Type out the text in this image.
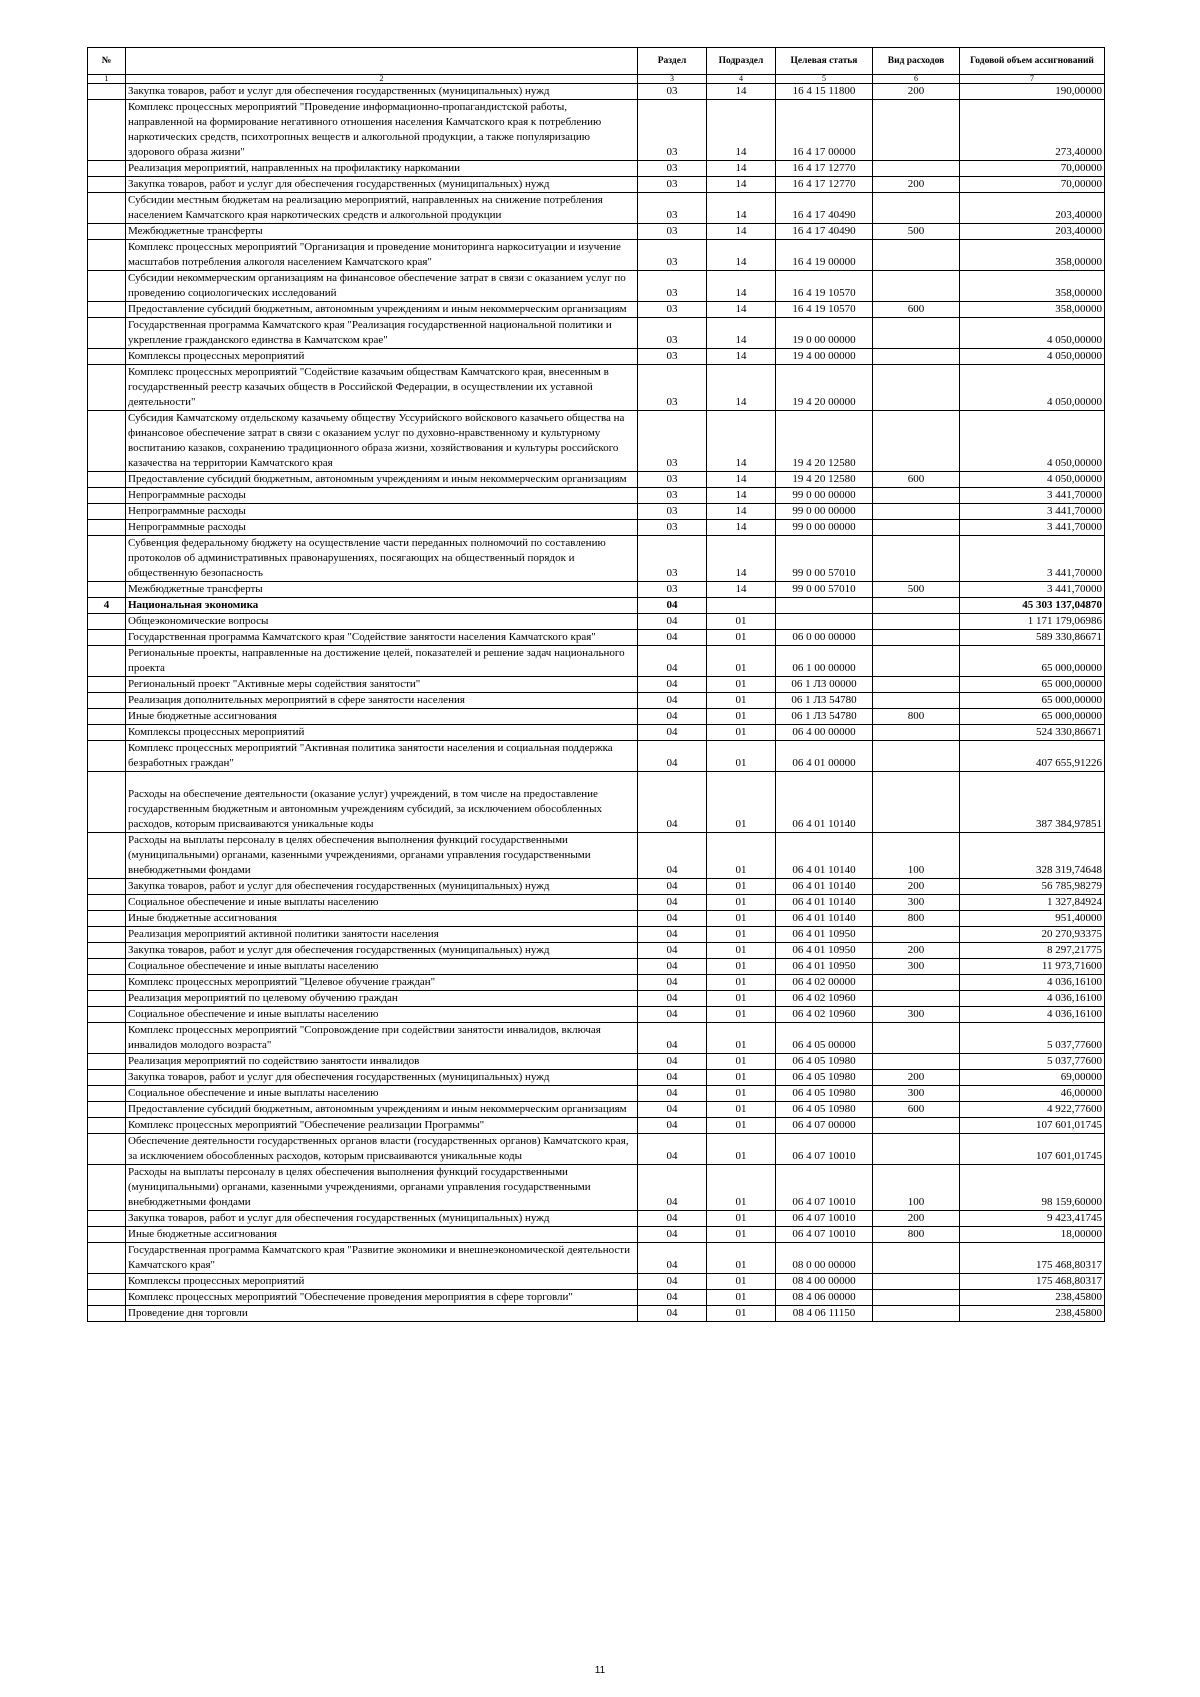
№		Раздел	Подраздел	Целевая статья	Вид расходов	Годовой объем ассигнований
1	2	3	4	5	6	7
	Закупка товаров, работ и услуг для обеспечения государственных (муниципальных) нужд	03	14	16 4 15 11800	200	190,00000
	Комплекс процессных мероприятий "Проведение информационно-пропагандистской работы, направленной на формирование негативного отношения населения Камчатского края к потреблению наркотических средств, психотропных веществ и алкогольной продукции, а также популяризацию здорового образа жизни"	03	14	16 4 17 00000		273,40000
	Реализация мероприятий, направленных на профилактику наркомании	03	14	16 4 17 12770		70,00000
	Закупка товаров, работ и услуг для обеспечения государственных (муниципальных) нужд	03	14	16 4 17 12770	200	70,00000
	Субсидии местным бюджетам на реализацию мероприятий, направленных на снижение потребления населением Камчатского края наркотических средств и алкогольной продукции	03	14	16 4 17 40490		203,40000
	Межбюджетные трансферты	03	14	16 4 17 40490	500	203,40000
	Комплекс процессных мероприятий "Организация и проведение мониторинга наркоситуации и изучение масштабов потребления алкоголя населением Камчатского края"	03	14	16 4 19 00000		358,00000
	Субсидии некоммерческим организациям на финансовое обеспечение затрат в связи с оказанием услуг по проведению социологических исследований	03	14	16 4 19 10570		358,00000
	Предоставление субсидий бюджетным, автономным учреждениям и иным некоммерческим организациям	03	14	16 4 19 10570	600	358,00000
	Государственная программа Камчатского края "Реализация государственной национальной политики и укрепление гражданского единства в Камчатском крае"	03	14	19 0 00 00000		4 050,00000
	Комплексы процессных мероприятий	03	14	19 4 00 00000		4 050,00000
	Комплекс процессных мероприятий "Содействие казачьим обществам Камчатского края, внесенным в государственный реестр казачьих обществ в Российской Федерации, в осуществлении их уставной деятельности"	03	14	19 4 20 00000		4 050,00000
	Субсидия Камчатскому отдельскому казачьему обществу Уссурийского войскового казачьего общества на финансовое обеспечение затрат в связи с оказанием услуг по духовно-нравственному и культурному воспитанию казаков, сохранению традиционного образа жизни, хозяйствования и культуры российского казачества на территории Камчатского края	03	14	19 4 20 12580		4 050,00000
	Предоставление субсидий бюджетным, автономным учреждениям и иным некоммерческим организациям	03	14	19 4 20 12580	600	4 050,00000
	Непрограммные расходы	03	14	99 0 00 00000		3 441,70000
	Непрограммные расходы	03	14	99 0 00 00000		3 441,70000
	Непрограммные расходы	03	14	99 0 00 00000		3 441,70000
	Субвенция федеральному бюджету на осуществление части переданных полномочий по составлению протоколов об административных правонарушениях, посягающих на общественный порядок и общественную безопасность	03	14	99 0 00 57010		3 441,70000
	Межбюджетные трансферты	03	14	99 0 00 57010	500	3 441,70000
4	Национальная экономика	04				45 303 137,04870
	Общеэкономические вопросы	04	01			1 171 179,06986
	Государственная программа Камчатского края "Содействие занятости населения Камчатского края"	04	01	06 0 00 00000		589 330,86671
	Региональные проекты, направленные на достижение целей, показателей и решение задач национального проекта	04	01	06 1 00 00000		65 000,00000
	Региональный проект "Активные меры содействия занятости"	04	01	06 1 Л3 00000		65 000,00000
	Реализация дополнительных мероприятий в сфере занятости населения	04	01	06 1 Л3 54780		65 000,00000
	Иные бюджетные ассигнования	04	01	06 1 Л3 54780	800	65 000,00000
	Комплексы процессных мероприятий	04	01	06 4 00 00000		524 330,86671
	Комплекс процессных мероприятий "Активная политика занятости населения и социальная поддержка безработных граждан"	04	01	06 4 01 00000		407 655,91226
	Расходы на обеспечение деятельности (оказание услуг) учреждений, в том числе на предоставление государственным бюджетным и автономным учреждениям субсидий, за исключением обособленных расходов, которым присваиваются уникальные коды	04	01	06 4 01 10140		387 384,97851
	Расходы на выплаты персоналу в целях обеспечения выполнения функций государственными (муниципальными) органами, казенными учреждениями, органами управления государственными внебюджетными фондами	04	01	06 4 01 10140	100	328 319,74648
	Закупка товаров, работ и услуг для обеспечения государственных (муниципальных) нужд	04	01	06 4 01 10140	200	56 785,98279
	Социальное обеспечение и иные выплаты населению	04	01	06 4 01 10140	300	1 327,84924
	Иные бюджетные ассигнования	04	01	06 4 01 10140	800	951,40000
	Реализация мероприятий активной политики занятости населения	04	01	06 4 01 10950		20 270,93375
	Закупка товаров, работ и услуг для обеспечения государственных (муниципальных) нужд	04	01	06 4 01 10950	200	8 297,21775
	Социальное обеспечение и иные выплаты населению	04	01	06 4 01 10950	300	11 973,71600
	Комплекс процессных мероприятий "Целевое обучение граждан"	04	01	06 4 02 00000		4 036,16100
	Реализация мероприятий по целевому обучению граждан	04	01	06 4 02 10960		4 036,16100
	Социальное обеспечение и иные выплаты населению	04	01	06 4 02 10960	300	4 036,16100
	Комплекс процессных мероприятий "Сопровождение при содействии занятости инвалидов, включая инвалидов молодого возраста"	04	01	06 4 05 00000		5 037,77600
	Реализация мероприятий по содействию занятости инвалидов	04	01	06 4 05 10980		5 037,77600
	Закупка товаров, работ и услуг для обеспечения государственных (муниципальных) нужд	04	01	06 4 05 10980	200	69,00000
	Социальное обеспечение и иные выплаты населению	04	01	06 4 05 10980	300	46,00000
	Предоставление субсидий бюджетным, автономным учреждениям и иным некоммерческим организациям	04	01	06 4 05 10980	600	4 922,77600
	Комплекс процессных мероприятий "Обеспечение реализации Программы"	04	01	06 4 07 00000		107 601,01745
	Обеспечение деятельности государственных органов власти (государственных органов) Камчатского края, за исключением обособленных расходов, которым присваиваются уникальные коды	04	01	06 4 07 10010		107 601,01745
	Расходы на выплаты персоналу в целях обеспечения выполнения функций государственными (муниципальными) органами, казенными учреждениями, органами управления государственными внебюджетными фондами	04	01	06 4 07 10010	100	98 159,60000
	Закупка товаров, работ и услуг для обеспечения государственных (муниципальных) нужд	04	01	06 4 07 10010	200	9 423,41745
	Иные бюджетные ассигнования	04	01	06 4 07 10010	800	18,00000
	Государственная программа Камчатского края "Развитие экономики и внешнеэкономической деятельности Камчатского края"	04	01	08 0 00 00000		175 468,80317
	Комплексы процессных мероприятий	04	01	08 4 00 00000		175 468,80317
	Комплекс процессных мероприятий "Обеспечение проведения мероприятия в сфере торговли"	04	01	08 4 06 00000		238,45800
	Проведение дня торговли	04	01	08 4 06 11150		238,45800
11
